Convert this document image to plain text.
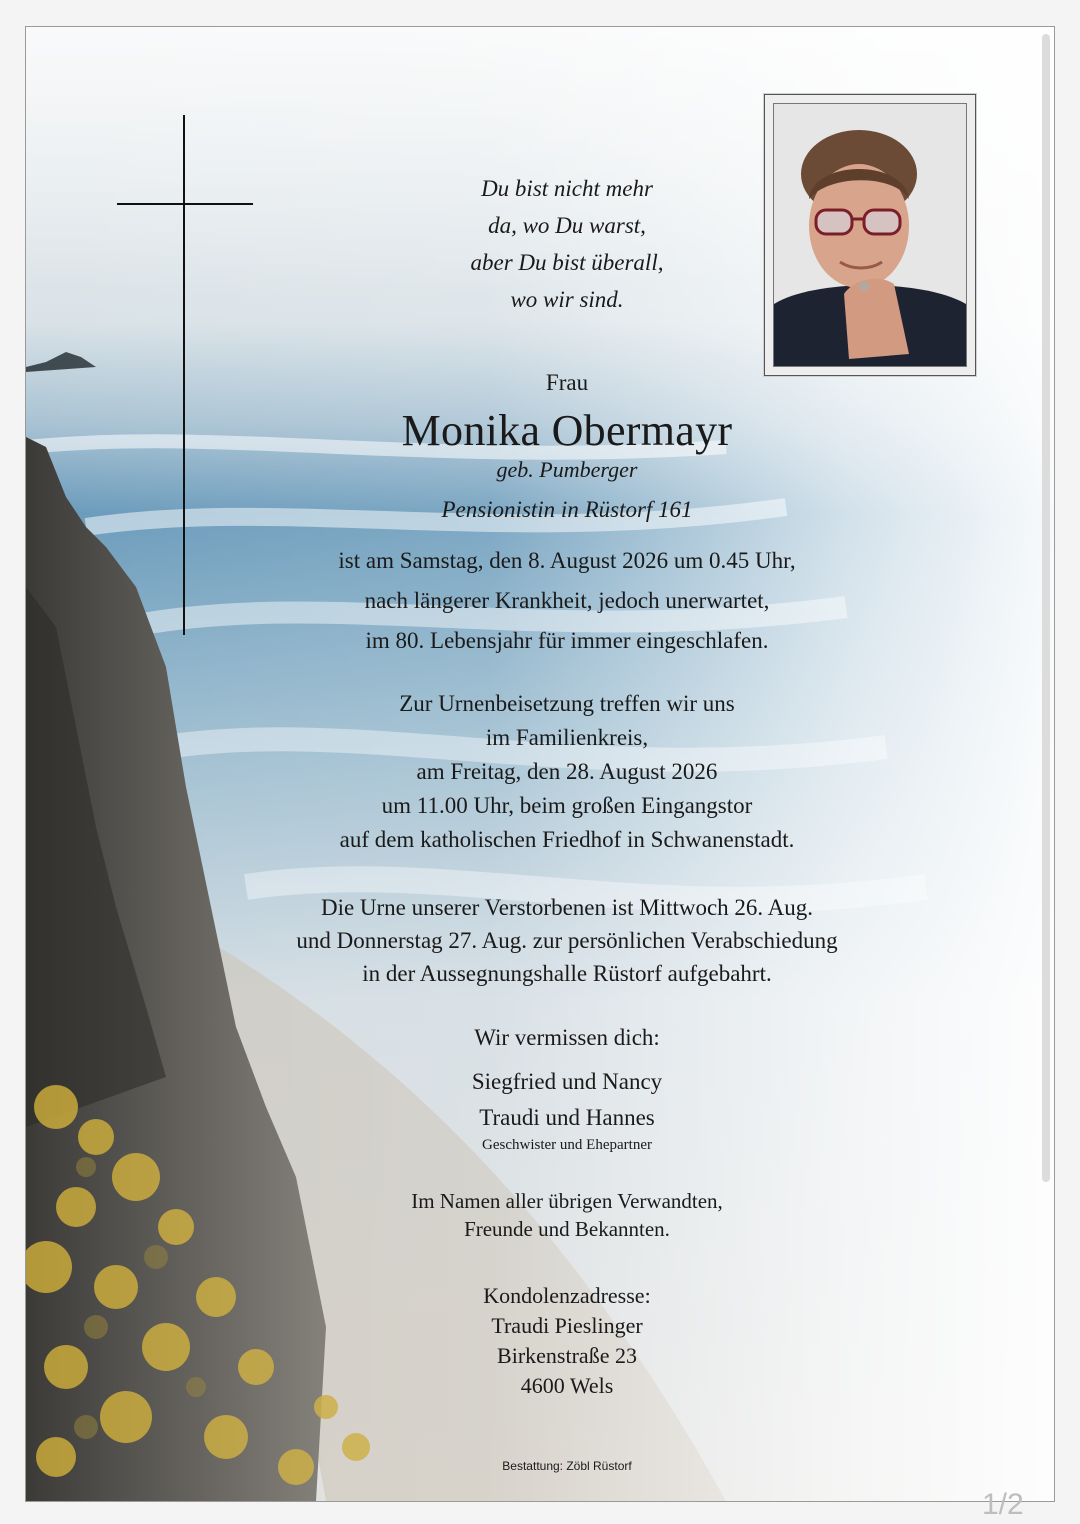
Du bist nicht mehr
da, wo Du warst,
aber Du bist überall,
wo wir sind.
Frau
Monika Obermayr
geb. Pumberger
Pensionistin in Rüstorf 161
ist am Samstag, den 8. August 2026 um 0.45 Uhr,
nach längerer Krankheit, jedoch unerwartet,
im 80. Lebensjahr für immer eingeschlafen.
Zur Urnenbeisetzung treffen wir uns
im Familienkreis,
am Freitag, den 28. August 2026
um 11.00 Uhr, beim großen Eingangstor
auf dem katholischen Friedhof in Schwanenstadt.
Die Urne unserer Verstorbenen ist Mittwoch 26. Aug.
und Donnerstag 27. Aug. zur persönlichen Verabschiedung
in der Aussegnungshalle Rüstorf aufgebahrt.
Wir vermissen dich:
Siegfried und Nancy
Traudi und Hannes
Geschwister und Ehepartner
Im Namen aller übrigen Verwandten,
Freunde und Bekannten.
Kondolenzadresse:
Traudi Pieslinger
Birkenstraße 23
4600 Wels
Bestattung: Zöbl Rüstorf
1/2
